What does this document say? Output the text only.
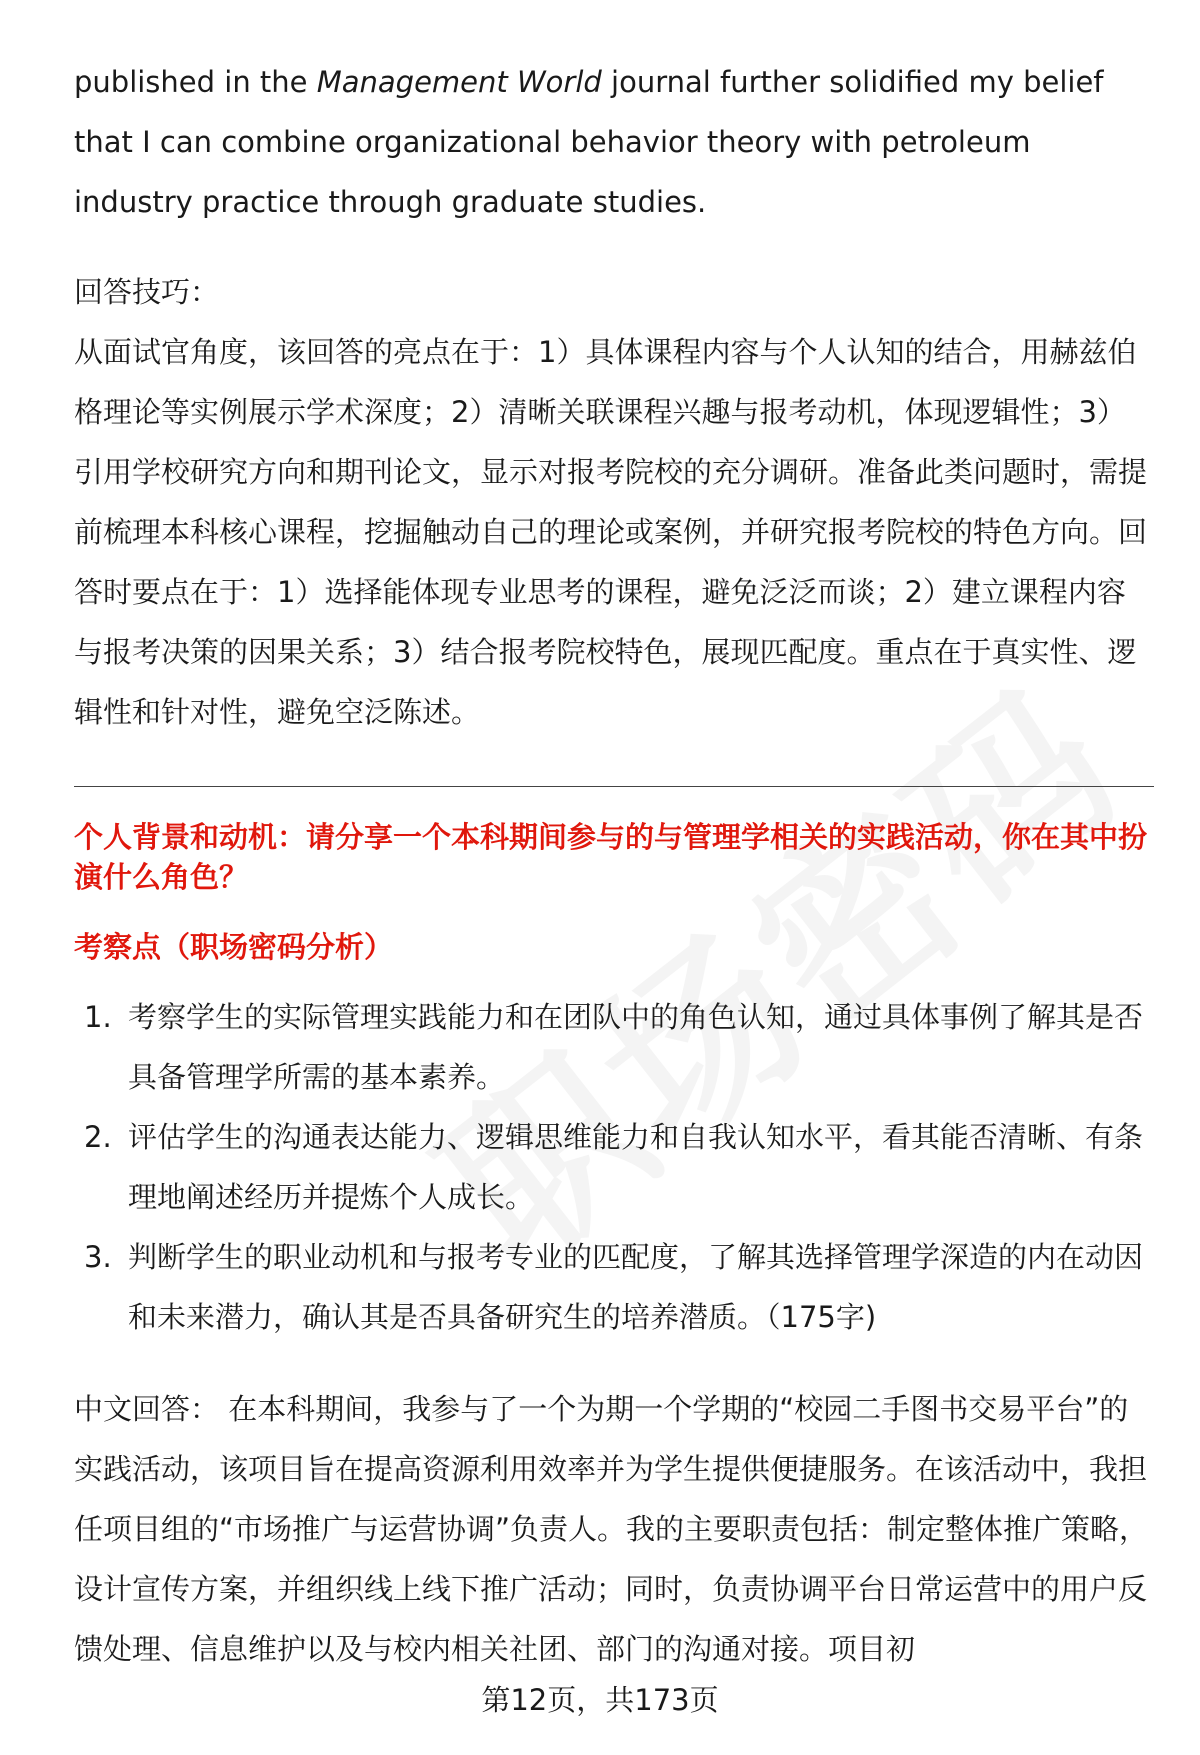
published in the Management World journal further solidified my belief that I can combine organizational behavior theory with petroleum industry practice through graduate studies.

回答技巧：

从面试官角度，该回答的亮点在于：1）具体课程内容与个人认知的结合，用赫兹伯格理论等实例展示学术深度；2）清晰关联课程兴趣与报考动机，体现逻辑性；3）引用学校研究方向和期刊论文，显示对报考院校的充分调研。准备此类问题时，需提前梳理本科核心课程，挖掘触动自己的理论或案例，并研究报考院校的特色方向。回答时要点在于：1）选择能体现专业思考的课程，避免泛泛而谈；2）建立课程内容与报考决策的因果关系；3）结合报考院校特色，展现匹配度。重点在于真实性、逻辑性和针对性，避免空泛陈述。

个人背景和动机：请分享一个本科期间参与的与管理学相关的实践活动，你在其中扮演什么角色？

考察点（职场密码分析）

1. 考察学生的实际管理实践能力和在团队中的角色认知，通过具体事例了解其是否具备管理学所需的基本素养。
2. 评估学生的沟通表达能力、逻辑思维能力和自我认知水平，看其能否清晰、有条理地阐述经历并提炼个人成长。
3. 判断学生的职业动机和与报考专业的匹配度，了解其选择管理学深造的内在动因和未来潜力，确认其是否具备研究生的培养潜质。（175字)

中文回答： 在本科期间，我参与了一个为期一个学期的“校园二手图书交易平台”的实践活动，该项目旨在提高资源利用效率并为学生提供便捷服务。在该活动中，我担任项目组的“市场推广与运营协调”负责人。我的主要职责包括：制定整体推广策略，设计宣传方案，并组织线上线下推广活动；同时，负责协调平台日常运营中的用户反馈处理、信息维护以及与校内相关社团、部门的沟通对接。项目初

第12页，共173页
